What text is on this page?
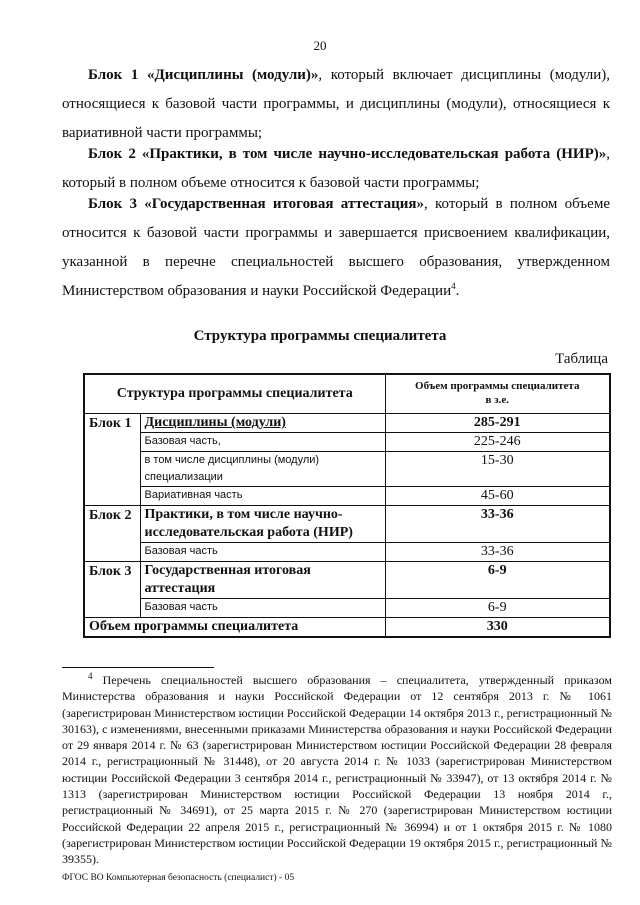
20
Блок 1 «Дисциплины (модули)», который включает дисциплины (модули), относящиеся к базовой части программы, и дисциплины (модули), относящиеся к вариативной части программы;
Блок 2 «Практики, в том числе научно-исследовательская работа (НИР)», который в полном объеме относится к базовой части программы;
Блок 3 «Государственная итоговая аттестация», который в полном объеме относится к базовой части программы и завершается присвоением квалификации, указанной в перечне специальностей высшего образования, утвержденном Министерством образования и науки Российской Федерации$^4$.
Структура программы специалитета
Таблица
Структура программы специалитета		Объем программы специалитета
в з.е.

Блок 1	Дисциплины (модули)	285-291
	Базовая часть,	225-246
	в том числе дисциплины (модули) специализации	15-30
	Вариативная часть	45-60
Блок 2	Практики, в том числе научно-исследовательская работа (НИР)	33-36
	Базовая часть	33-36
Блок 3	Государственная итоговая аттестация	6-9
	Базовая часть	6-9
Объем программы специалитета		330
$^4$ Перечень специальностей высшего образования – специалитета, утвержденный приказом Министерства образования и науки Российской Федерации от 12 сентября 2013 г. № 1061 (зарегистрирован Министерством юстиции Российской Федерации 14 октября 2013 г., регистрационный № 30163), с изменениями, внесенными приказами Министерства образования и науки Российской Федерации от 29 января 2014 г. № 63 (зарегистрирован Министерством юстиции Российской Федерации 28 февраля 2014 г., регистрационный № 31448), от 20 августа 2014 г. № 1033 (зарегистрирован Министерством юстиции Российской Федерации 3 сентября 2014 г., регистрационный № 33947), от 13 октября 2014 г. № 1313 (зарегистрирован Министерством юстиции Российской Федерации 13 ноября 2014 г., регистрационный № 34691), от 25 марта 2015 г. № 270 (зарегистрирован Министерством юстиции Российской Федерации 22 апреля 2015 г., регистрационный № 36994) и от 1 октября 2015 г. № 1080 (зарегистрирован Министерством юстиции Российской Федерации 19 октября 2015 г., регистрационный № 39355).
ФГОС ВО Компьютерная безопасность (специалист) - 05
